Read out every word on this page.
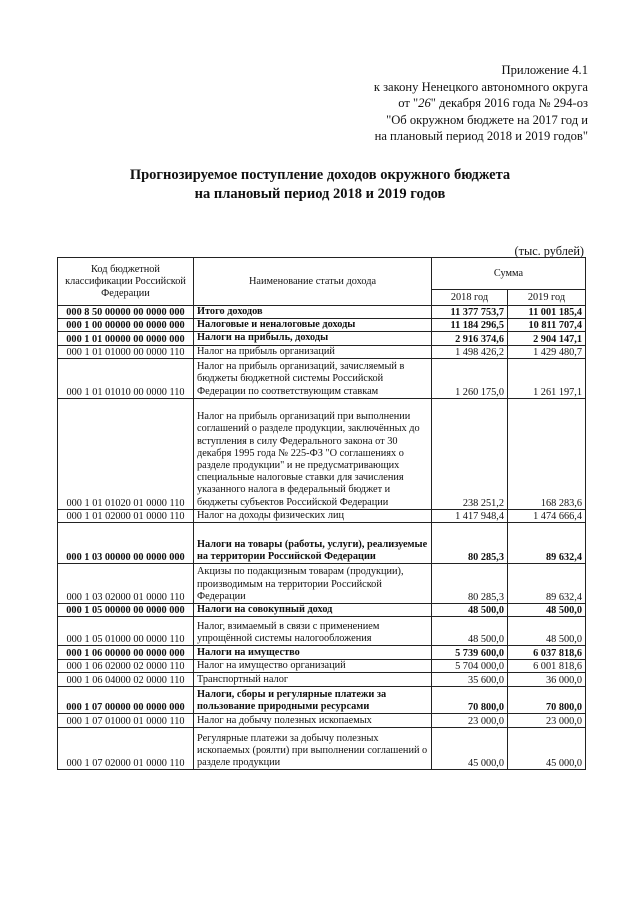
Приложение 4.1
к закону Ненецкого автономного округа
от "26" декабря 2016 года № 294-оз
"Об окружном бюджете на 2017 год и
на плановый период 2018 и 2019 годов"
Прогнозируемое поступление доходов окружного бюджета
на плановый период 2018 и 2019 годов
(тыс. рублей)
Код бюджетной классификации Российской Федерации	Наименование статьи дохода	Сумма	
		2018 год	2019 год
000 8 50 00000 00 0000 000	Итого доходов	11 377 753,7	11 001 185,4
000 1 00 00000 00 0000 000	Налоговые и неналоговые доходы	11 184 296,5	10 811 707,4
000 1 01 00000 00 0000 000	Налоги на прибыль, доходы	2 916 374,6	2 904 147,1
000 1 01 01000 00 0000 110	Налог на прибыль организаций	1 498 426,2	1 429 480,7
000 1 01 01010 00 0000 110	Налог на прибыль организаций, зачисляемый в бюджеты бюджетной системы Российской Федерации по соответствующим ставкам	1 260 175,0	1 261 197,1
000 1 01 01020 01 0000 110	Налог на прибыль организаций при выполнении соглашений о разделе продукции, заключённых до вступления в силу Федерального закона от 30 декабря 1995 года № 225-ФЗ "О соглашениях о разделе продукции" и не предусматривающих специальные налоговые ставки для зачисления указанного налога в федеральный бюджет и бюджеты субъектов Российской Федерации	238 251,2	168 283,6
000 1 01 02000 01 0000 110	Налог на доходы физических лиц	1 417 948,4	1 474 666,4
000 1 03 00000 00 0000 000	Налоги на товары (работы, услуги), реализуемые на территории Российской Федерации	80 285,3	89 632,4
000 1 03 02000 01 0000 110	Акцизы по подакцизным товарам (продукции), производимым на территории Российской Федерации	80 285,3	89 632,4
000 1 05 00000 00 0000 000	Налоги на совокупный доход	48 500,0	48 500,0
000 1 05 01000 00 0000 110	Налог, взимаемый в связи с применением упрощённой системы налогообложения	48 500,0	48 500,0
000 1 06 00000 00 0000 000	Налоги на имущество	5 739 600,0	6 037 818,6
000 1 06 02000 02 0000 110	Налог на имущество организаций	5 704 000,0	6 001 818,6
000 1 06 04000 02 0000 110	Транспортный налог	35 600,0	36 000,0
000 1 07 00000 00 0000 000	Налоги, сборы и регулярные платежи за пользование природными ресурсами	70 800,0	70 800,0
000 1 07 01000 01 0000 110	Налог на добычу полезных ископаемых	23 000,0	23 000,0
000 1 07 02000 01 0000 110	Регулярные платежи за добычу полезных ископаемых (роялти) при выполнении соглашений о разделе продукции	45 000,0	45 000,0
